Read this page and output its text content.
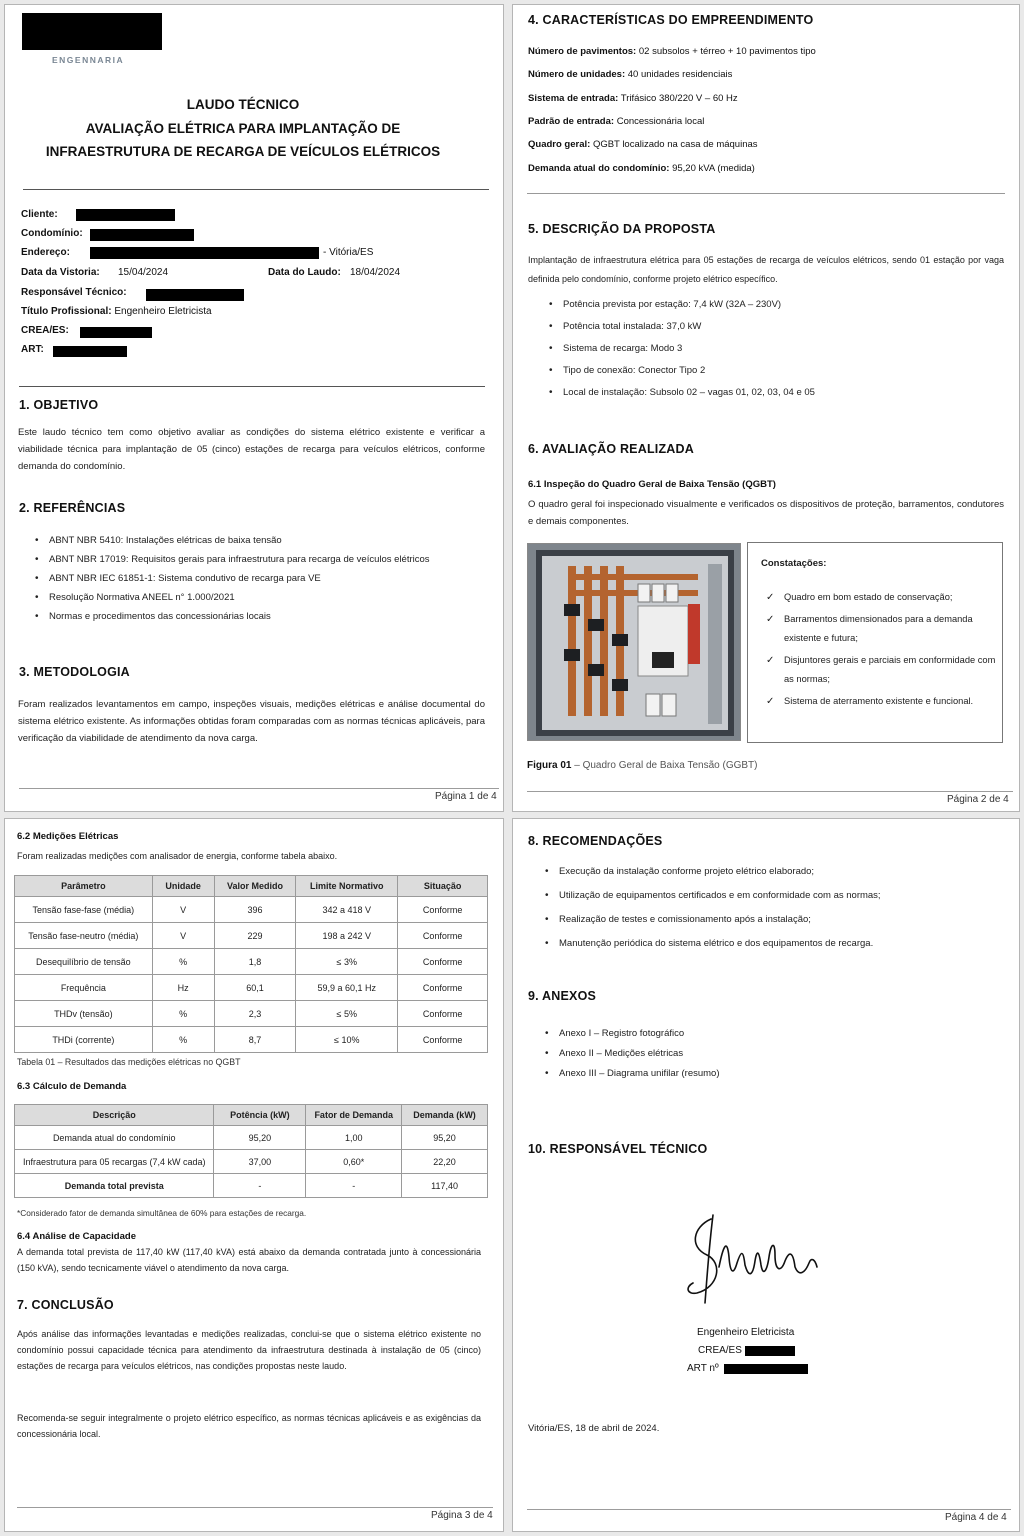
ENGENNARIA
LAUDO TÉCNICO
AVALIAÇÃO ELÉTRICA PARA IMPLANTAÇÃO DE
INFRAESTRUTURA DE RECARGA DE VEÍCULOS ELÉTRICOS
Cliente:
Condomínio:
Endereço:	- Vitória/ES
Data da Vistoria: 15/04/2024	Data do Laudo: 18/04/2024
Responsável Técnico:
Título Profissional: Engenheiro Eletricista
CREA/ES:
ART:
1. OBJETIVO

Este laudo técnico tem como objetivo avaliar as condições do sistema elétrico existente e verificar a viabilidade técnica para implantação de 05 (cinco) estações de recarga para veículos elétricos, conforme demanda do condomínio.

2. REFERÊNCIAS
• ABNT NBR 5410: Instalações elétricas de baixa tensão
• ABNT NBR 17019: Requisitos gerais para infraestrutura para recarga de veículos elétricos
• ABNT NBR IEC 61851-1: Sistema condutivo de recarga para VE
• Resolução Normativa ANEEL n° 1.000/2021
• Normas e procedimentos das concessionárias locais
3. METODOLOGIA

Foram realizados levantamentos em campo, inspeções visuais, medições elétricas e análise documental do sistema elétrico existente. As informações obtidas foram comparadas com as normas técnicas aplicáveis, para verificação da viabilidade de atendimento da nova carga.

Página 1 de 4
4. CARACTERÍSTICAS DO EMPREENDIMENTO
Número de pavimentos: 02 subsolos + térreo + 10 pavimentos tipo
Número de unidades: 40 unidades residenciais
Sistema de entrada: Trifásico 380/220 V – 60 Hz
Padrão de entrada: Concessionária local
Quadro geral: QGBT localizado na casa de máquinas
Demanda atual do condomínio: 95,20 kVA (medida)
5. DESCRIÇÃO DA PROPOSTA

Implantação de infraestrutura elétrica para 05 estações de recarga de veículos elétricos, sendo 01 estação por vaga definida pelo condomínio, conforme projeto elétrico específico.

• Potência prevista por estação: 7,4 kW (32A – 230V)
• Potência total instalada: 37,0 kW
• Sistema de recarga: Modo 3
• Tipo de conexão: Conector Tipo 2
• Local de instalação: Subsolo 02 – vagas 01, 02, 03, 04 e 05
6. AVALIAÇÃO REALIZADA
6.1 Inspeção do Quadro Geral de Baixa Tensão (QGBT)

O quadro geral foi inspecionado visualmente e verificados os dispositivos de proteção, barramentos, condutores e demais componentes.

Constatações:
✓ Quadro em bom estado de conservação;
✓ Barramentos dimensionados para a demanda existente e futura;
✓ Disjuntores gerais e parciais em conformidade com as normas;
✓ Sistema de aterramento existente e funcional.
Figura 01 – Quadro Geral de Baixa Tensão (GGBT)
Página 2 de 4
6.2 Medições Elétricas

Foram realizadas medições com analisador de energia, conforme tabela abaixo.

Parâmetro	Unidade	Valor Medido	Limite Normativo	Situação
Tensão fase-fase (média)	V	396	342 a 418 V	Conforme
Tensão fase-neutro (média)	V	229	198 a 242 V	Conforme
Desequilíbrio de tensão	%	1,8	≤ 3%	Conforme
Frequência	Hz	60,1	59,9 a 60,1 Hz	Conforme
THDv (tensão)	%	2,3	≤ 5%	Conforme
THDi (corrente)	%	8,7	≤ 10%	Conforme
Tabela 01 – Resultados das medições elétricas no QGBT
6.3 Cálculo de Demanda
Descrição	Potência (kW)	Fator de Demanda	Demanda (kW)
Demanda atual do condomínio	95,20	1,00	95,20
Infraestrutura para 05 recargas (7,4 kW cada)	37,00	0,60*	22,20
Demanda total prevista	-	-	117,40
*Considerado fator de demanda simultânea de 60% para estações de recarga.
6.4 Análise de Capacidade

A demanda total prevista de 117,40 kW (117,40 kVA) está abaixo da demanda contratada junto à concessionária (150 kVA), sendo tecnicamente viável o atendimento da nova carga.

7. CONCLUSÃO

Após análise das informações levantadas e medições realizadas, conclui-se que o sistema elétrico existente no condomínio possui capacidade técnica para atendimento da infraestrutura destinada à instalação de 05 (cinco) estações de recarga para veículos elétricos, nas condições propostas neste laudo.

Recomenda-se seguir integralmente o projeto elétrico específico, as normas técnicas aplicáveis e as exigências da concessionária local.

Página 3 de 4
8. RECOMENDAÇÕES
• Execução da instalação conforme projeto elétrico elaborado;
• Utilização de equipamentos certificados e em conformidade com as normas;
• Realização de testes e comissionamento após a instalação;
• Manutenção periódica do sistema elétrico e dos equipamentos de recarga.
9. ANEXOS
• Anexo I – Registro fotográfico
• Anexo II – Medições elétricas
• Anexo III – Diagrama unifilar (resumo)
10. RESPONSÁVEL TÉCNICO
Engenheiro Eletricista
CREA/ES
ART nº
Vitória/ES, 18 de abril de 2024.
Página 4 de 4
